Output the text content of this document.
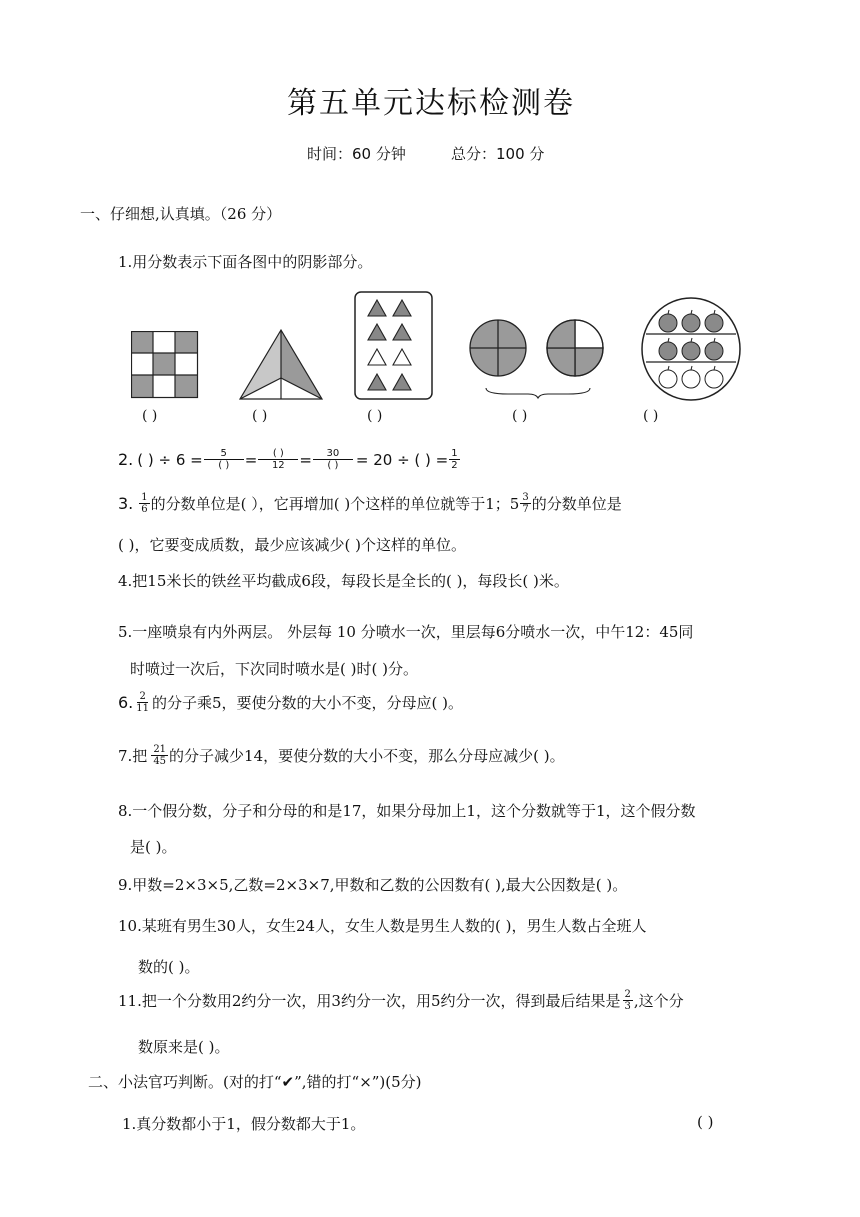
第五单元达标检测卷
时间：60 分钟	总分：100 分
一、仔细想,认真填。（26 分）
1.用分数表示下面各图中的阴影部分。
( )	( )	( )	( )	( )
2. ( ) ÷ $6 = \frac{5}{( )} = \frac{( )}{12} = \frac{30}{( )} = 20$ ÷ ( ) = $\frac{1}{2}$
3. $\frac{1}{6}$ 的分数单位是( ），它再增加( )个这样的单位就等于1；$5 \frac{3}{7}$ 的分数单位是
( )，它要变成质数，最少应该减少( )个这样的单位。
4.把15米长的铁丝平均截成6段，每段长是全长的( )，每段长( )米。
5.一座喷泉有内外两层。 外层每 10 分喷水一次，里层每6分喷水一次，中午12：45同
时喷过一次后，下次同时喷水是( )时( )分。
6. $\frac{2}{11}$ 的分子乘5，要使分数的大小不变，分母应( )。
7.把 $\frac{21}{45}$ 的分子减少14，要使分数的大小不变，那么分母应减少( )。
8.一个假分数，分子和分母的和是17，如果分母加上1，这个分数就等于1，这个假分数
是( )。
9.甲数=2×3×5,乙数=2×3×7,甲数和乙数的公因数有( ),最大公因数是( )。
10.某班有男生30人，女生24人，女生人数是男生人数的( )，男生人数占全班人
数的( )。
11.把一个分数用2约分一次，用3约分一次，用5约分一次，得到最后结果是 $\frac{2}{3}$ ,这个分
数原来是( )。
二、小法官巧判断。(对的打“✔”,错的打“×”)(5分)
1.真分数都小于1，假分数都大于1。	( )
